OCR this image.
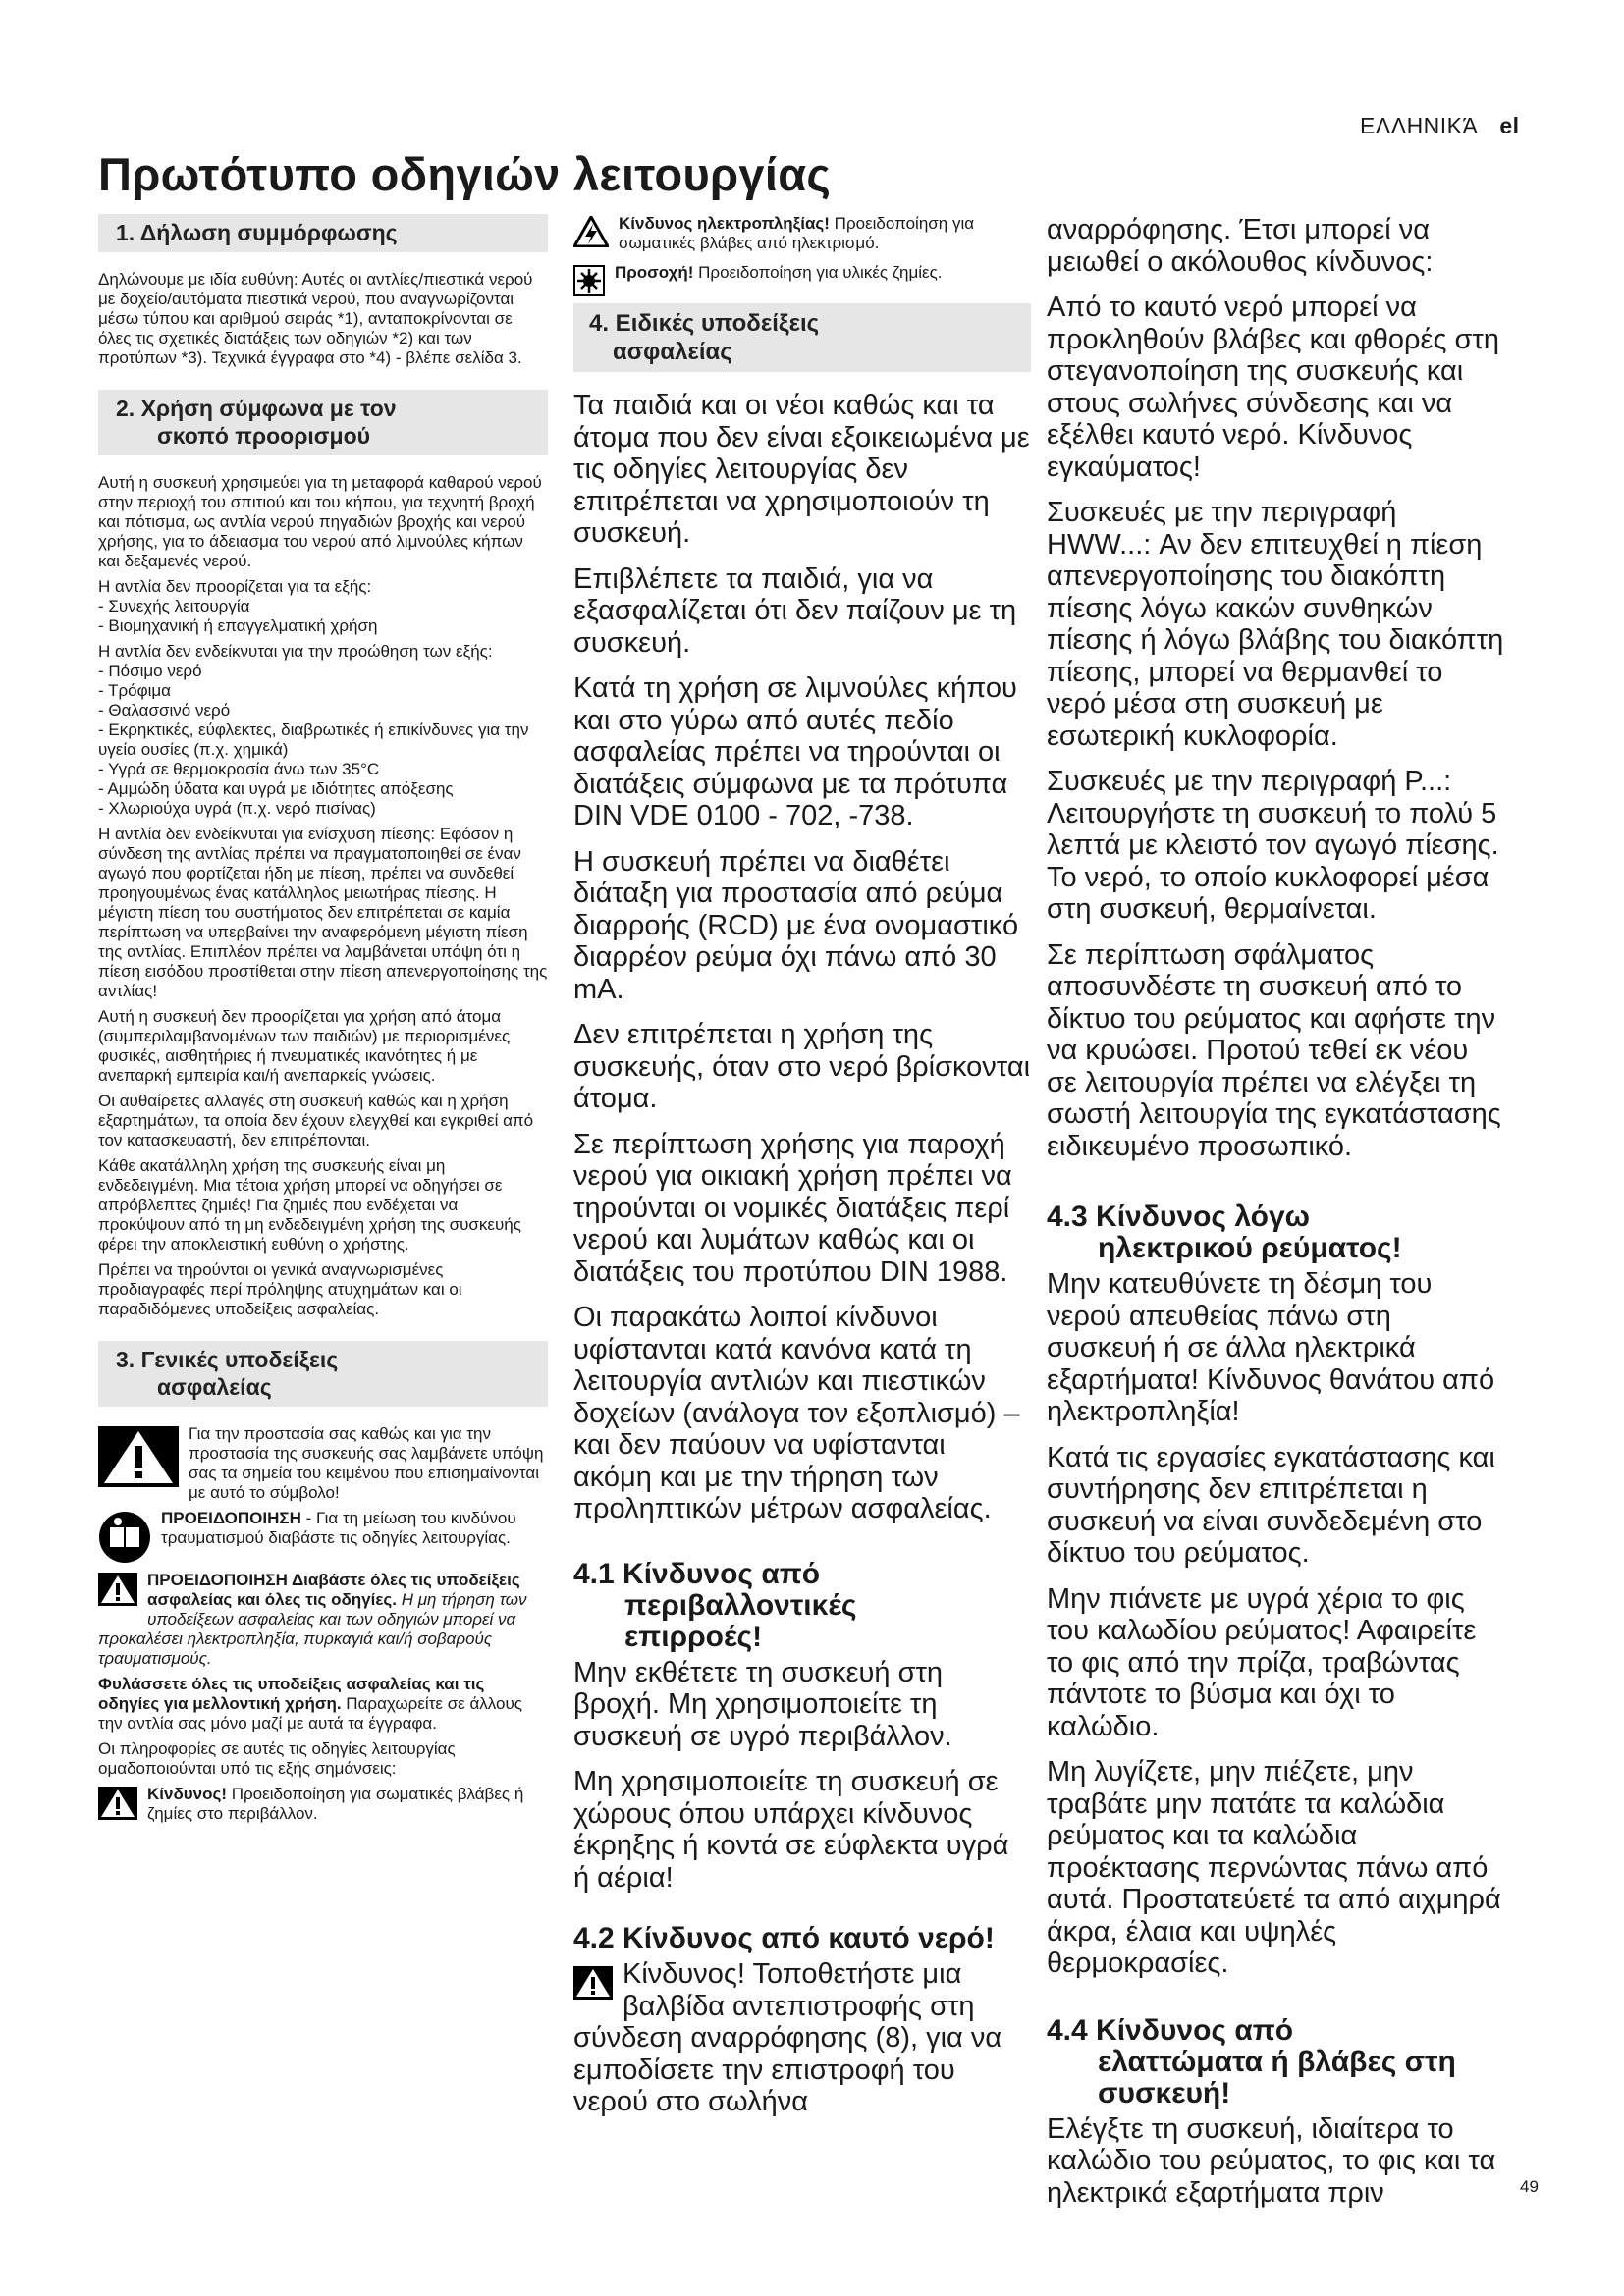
ΕΛΛΗΝΙΚΆ el
Πρωτότυπο οδηγιών λειτουργίας
1. Δήλωση συμμόρφωσης

Δηλώνουμε με ιδία ευθύνη: Αυτές οι αντλίες/πιεστικά νερού με δοχείο/αυτόματα πιεστικά νερού, που αναγνωρίζονται μέσω τύπου και αριθμού σειράς *1), ανταποκρίνονται σε όλες τις σχετικές διατάξεις των οδηγιών *2) και των προτύπων *3). Τεχνικά έγγραφα στο *4) - βλέπε σελίδα 3.

2. Χρήση σύμφωνα με τον
σκοπό προορισμού

Αυτή η συσκευή χρησιμεύει για τη μεταφορά καθαρού νερού στην περιοχή του σπιτιού και του κήπου, για τεχνητή βροχή και πότισμα, ως αντλία νερού πηγαδιών βροχής και νερού χρήσης, για το άδειασμα του νερού από λιμνούλες κήπων και δεξαμενές νερού.

Η αντλία δεν προορίζεται για τα εξής:

- Συνεχής λειτουργία

- Βιομηχανική ή επαγγελματική χρήση

Η αντλία δεν ενδείκνυται για την προώθηση των εξής:

- Πόσιμο νερό

- Τρόφιμα

- Θαλασσινό νερό

- Εκρηκτικές, εύφλεκτες, διαβρωτικές ή επικίνδυνες για την υγεία ουσίες (π.χ. χημικά)

- Υγρά σε θερμοκρασία άνω των 35°C

- Αμμώδη ύδατα και υγρά με ιδιότητες απόξεσης

- Χλωριούχα υγρά (π.χ. νερό πισίνας)

Η αντλία δεν ενδείκνυται για ενίσχυση πίεσης: Εφόσον η σύνδεση της αντλίας πρέπει να πραγματοποιηθεί σε έναν αγωγό που φορτίζεται ήδη με πίεση, πρέπει να συνδεθεί προηγουμένως ένας κατάλληλος μειωτήρας πίεσης. Η μέγιστη πίεση του συστήματος δεν επιτρέπεται σε καμία περίπτωση να υπερβαίνει την αναφερόμενη μέγιστη πίεση της αντλίας. Επιπλέον πρέπει να λαμβάνεται υπόψη ότι η πίεση εισόδου προστίθεται στην πίεση απενεργοποίησης της αντλίας!

Αυτή η συσκευή δεν προορίζεται για χρήση από άτομα (συμπεριλαμβανομένων των παιδιών) με περιορισμένες φυσικές, αισθητήριες ή πνευματικές ικανότητες ή με ανεπαρκή εμπειρία και/ή ανεπαρκείς γνώσεις.

Οι αυθαίρετες αλλαγές στη συσκευή καθώς και η χρήση εξαρτημάτων, τα οποία δεν έχουν ελεγχθεί και εγκριθεί από τον κατασκευαστή, δεν επιτρέπονται.

Κάθε ακατάλληλη χρήση της συσκευής είναι μη ενδεδειγμένη. Μια τέτοια χρήση μπορεί να οδηγήσει σε απρόβλεπτες ζημιές! Για ζημιές που ενδέχεται να προκύψουν από τη μη ενδεδειγμένη χρήση της συσκευής φέρει την αποκλειστική ευθύνη ο χρήστης.

Πρέπει να τηρούνται οι γενικά αναγνωρισμένες προδιαγραφές περί πρόληψης ατυχημάτων και οι παραδιδόμενες υποδείξεις ασφαλείας.

3. Γενικές υποδείξεις
ασφαλείας

Για την προστασία σας καθώς και για την προστασία της συσκευής σας λαμβάνετε υπόψη σας τα σημεία του κειμένου που επισημαίνονται με αυτό το σύμβολο!

ΠΡΟΕΙΔΟΠΟΙΗΣΗ - Για τη μείωση του κινδύνου τραυματισμού διαβάστε τις οδηγίες λειτουργίας.

ΠΡΟΕΙΔΟΠΟΙΗΣΗ Διαβάστε όλες τις υποδείξεις ασφαλείας και όλες τις οδηγίες. Η μη τήρηση των υποδείξεων ασφαλείας και των οδηγιών μπορεί να προκαλέσει ηλεκτροπληξία, πυρκαγιά και/ή σοβαρούς τραυματισμούς.

Φυλάσσετε όλες τις υποδείξεις ασφαλείας και τις οδηγίες για μελλοντική χρήση. Παραχωρείτε σε άλλους την αντλία σας μόνο μαζί με αυτά τα έγγραφα.

Οι πληροφορίες σε αυτές τις οδηγίες λειτουργίας ομαδοποιούνται υπό τις εξής σημάνσεις:

Κίνδυνος! Προειδοποίηση για σωματικές βλάβες ή ζημίες στο περιβάλλον.

Κίνδυνος ηλεκτροπληξίας! Προειδοποίηση για σωματικές βλάβες από ηλεκτρισμό.

Προσοχή! Προειδοποίηση για υλικές ζημίες.

4. Ειδικές υποδείξεις
ασφαλείας

Τα παιδιά και οι νέοι καθώς και τα άτομα που δεν είναι εξοικειωμένα με τις οδηγίες λειτουργίας δεν επιτρέπεται να χρησιμοποιούν τη συσκευή.

Επιβλέπετε τα παιδιά, για να εξασφαλίζεται ότι δεν παίζουν με τη συσκευή.

Κατά τη χρήση σε λιμνούλες κήπου και στο γύρω από αυτές πεδίο ασφαλείας πρέπει να τηρούνται οι διατάξεις σύμφωνα με τα πρότυπα DIN VDE 0100 - 702, -738.

Η συσκευή πρέπει να διαθέτει διάταξη για προστασία από ρεύμα διαρροής (RCD) με ένα ονομαστικό διαρρέον ρεύμα όχι πάνω από 30 mA.

Δεν επιτρέπεται η χρήση της συσκευής, όταν στο νερό βρίσκονται άτομα.

Σε περίπτωση χρήσης για παροχή νερού για οικιακή χρήση πρέπει να τηρούνται οι νομικές διατάξεις περί νερού και λυμάτων καθώς και οι διατάξεις του προτύπου DIN 1988.

Οι παρακάτω λοιποί κίνδυνοι υφίστανται κατά κανόνα κατά τη λειτουργία αντλιών και πιεστικών δοχείων (ανάλογα τον εξοπλισμό) – και δεν παύουν να υφίστανται ακόμη και με την τήρηση των προληπτικών μέτρων ασφαλείας.

4.1 Κίνδυνος από
περιβαλλοντικές
επιρροές!

Μην εκθέτετε τη συσκευή στη βροχή. Μη χρησιμοποιείτε τη συσκευή σε υγρό περιβάλλον.

Μη χρησιμοποιείτε τη συσκευή σε χώρους όπου υπάρχει κίνδυνος έκρηξης ή κοντά σε εύφλεκτα υγρά ή αέρια!

4.2 Κίνδυνος από καυτό νερό!

Κίνδυνος! Τοποθετήστε μια βαλβίδα αντεπιστροφής στη σύνδεση αναρρόφησης (8), για να εμποδίσετε την επιστροφή του νερού στο σωλήνα

αναρρόφησης. Έτσι μπορεί να μειωθεί ο ακόλουθος κίνδυνος:

Από το καυτό νερό μπορεί να προκληθούν βλάβες και φθορές στη στεγανοποίηση της συσκευής και στους σωλήνες σύνδεσης και να εξέλθει καυτό νερό. Κίνδυνος εγκαύματος!

Συσκευές με την περιγραφή HWW...: Αν δεν επιτευχθεί η πίεση απενεργοποίησης του διακόπτη πίεσης λόγω κακών συνθηκών πίεσης ή λόγω βλάβης του διακόπτη πίεσης, μπορεί να θερμανθεί το νερό μέσα στη συσκευή με εσωτερική κυκλοφορία.

Συσκευές με την περιγραφή P...: Λειτουργήστε τη συσκευή το πολύ 5 λεπτά με κλειστό τον αγωγό πίεσης. Το νερό, το οποίο κυκλοφορεί μέσα στη συσκευή, θερμαίνεται.

Σε περίπτωση σφάλματος αποσυνδέστε τη συσκευή από το δίκτυο του ρεύματος και αφήστε την να κρυώσει. Προτού τεθεί εκ νέου σε λειτουργία πρέπει να ελέγξει τη σωστή λειτουργία της εγκατάστασης ειδικευμένο προσωπικό.

4.3 Κίνδυνος λόγω
ηλεκτρικού ρεύματος!

Μην κατευθύνετε τη δέσμη του νερού απευθείας πάνω στη συσκευή ή σε άλλα ηλεκτρικά εξαρτήματα! Κίνδυνος θανάτου από ηλεκτροπληξία!

Κατά τις εργασίες εγκατάστασης και συντήρησης δεν επιτρέπεται η συσκευή να είναι συνδεδεμένη στο δίκτυο του ρεύματος.

Μην πιάνετε με υγρά χέρια το φις του καλωδίου ρεύματος! Αφαιρείτε το φις από την πρίζα, τραβώντας πάντοτε το βύσμα και όχι το καλώδιο.

Μη λυγίζετε, μην πιέζετε, μην τραβάτε μην πατάτε τα καλώδια ρεύματος και τα καλώδια προέκτασης περνώντας πάνω από αυτά. Προστατεύετέ τα από αιχμηρά άκρα, έλαια και υψηλές θερμοκρασίες.

4.4 Κίνδυνος από
ελαττώματα ή βλάβες στη
συσκευή!

Ελέγξτε τη συσκευή, ιδιαίτερα το καλώδιο του ρεύματος, το φις και τα ηλεκτρικά εξαρτήματα πριν	49
